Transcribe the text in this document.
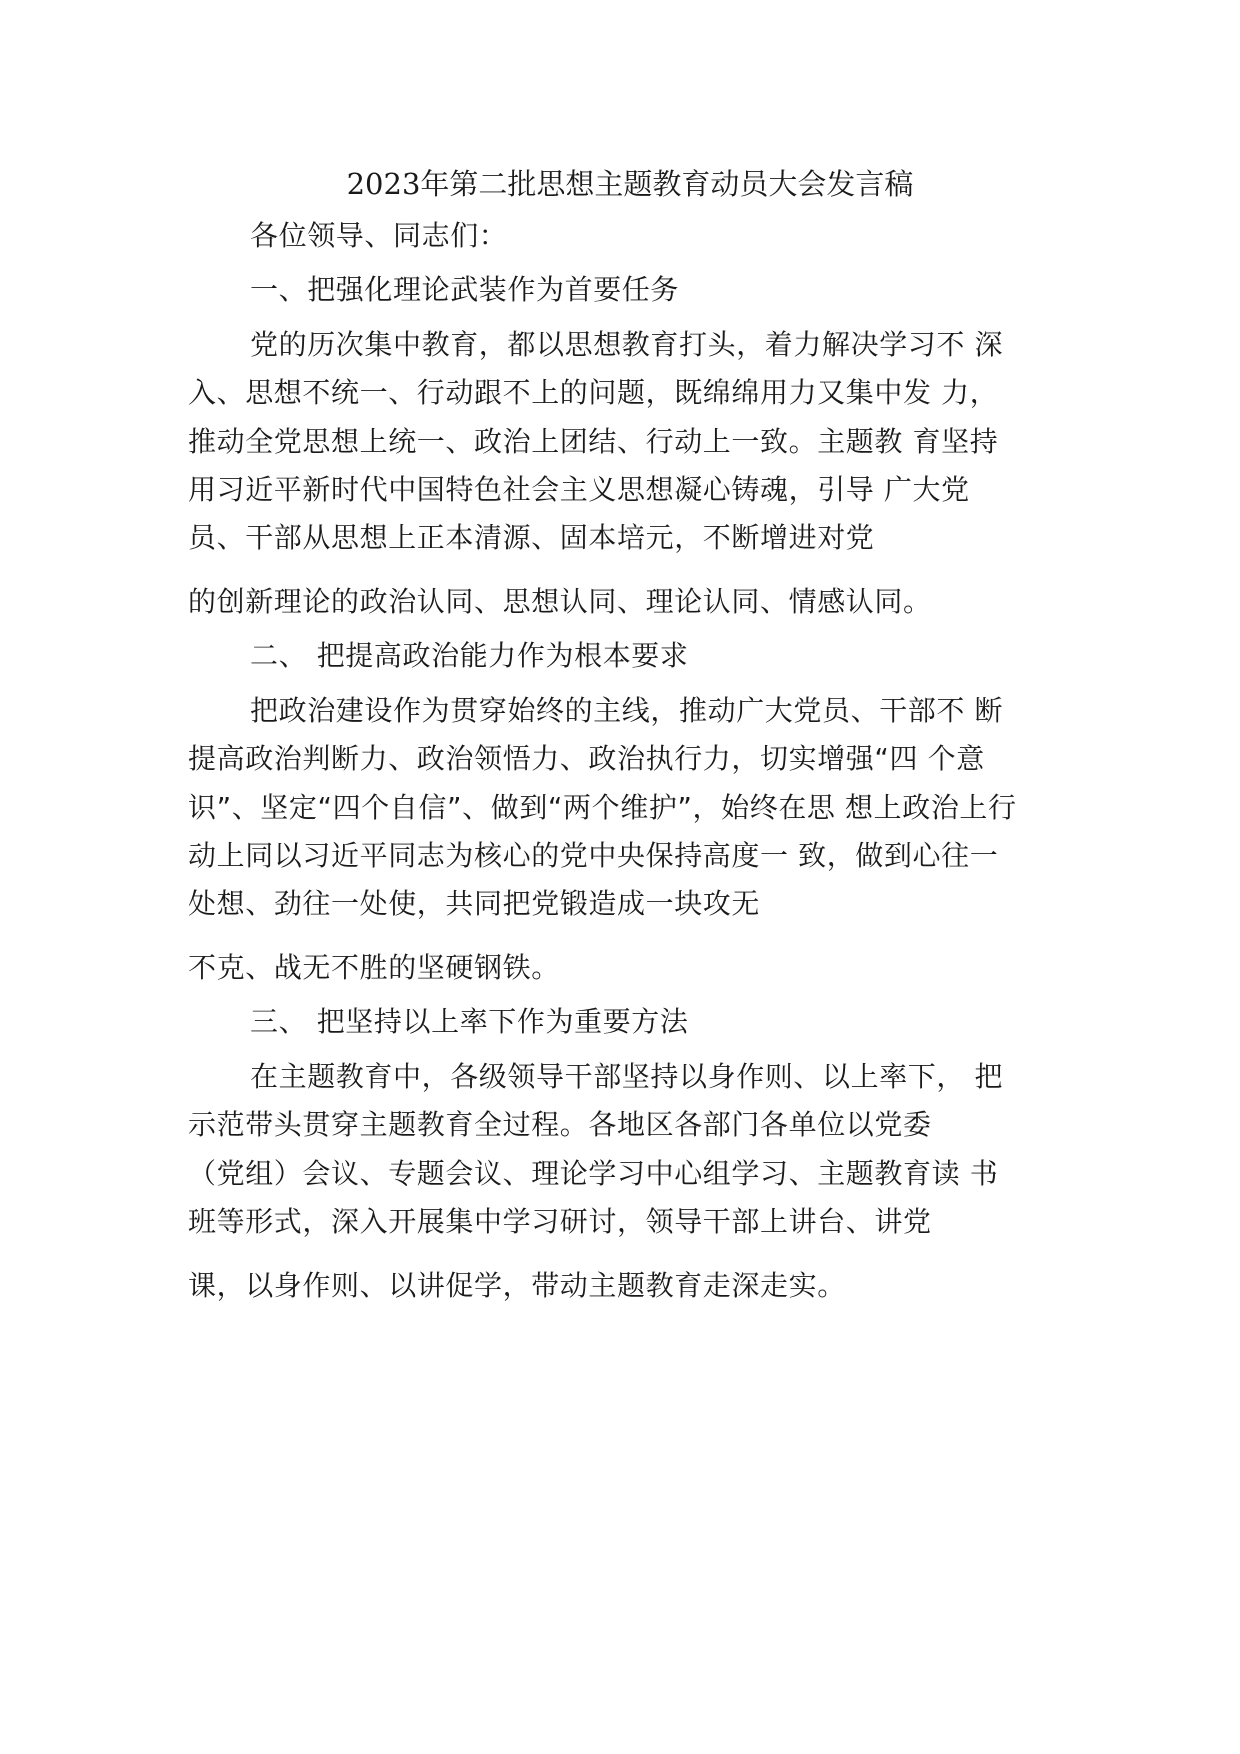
2023年第二批思想主题教育动员大会发言稿
各位领导、同志们：
一、把强化理论武装作为首要任务
党的历次集中教育，都以思想教育打头，着力解决学习不 深
入、思想不统一、行动跟不上的问题，既绵绵用力又集中发 力，
推动全党思想上统一、政治上团结、行动上一致。主题教 育坚持
用习近平新时代中国特色社会主义思想凝心铸魂，引导 广大党
员、干部从思想上正本清源、固本培元，不断增进对党
的创新理论的政治认同、思想认同、理论认同、情感认同。
二、 把提高政治能力作为根本要求
把政治建设作为贯穿始终的主线，推动广大党员、干部不 断
提高政治判断力、政治领悟力、政治执行力，切实增强“四 个意
识”、坚定“四个自信”、做到“两个维护”，始终在思 想上政治上行
动上同以习近平同志为核心的党中央保持高度一 致，做到心往一
处想、劲往一处使，共同把党锻造成一块攻无
不克、战无不胜的坚硬钢铁。
三、 把坚持以上率下作为重要方法
在主题教育中，各级领导干部坚持以身作则、以上率下， 把
示范带头贯穿主题教育全过程。各地区各部门各单位以党委
（党组）会议、专题会议、理论学习中心组学习、主题教育读 书
班等形式，深入开展集中学习研讨，领导干部上讲台、讲党
课，以身作则、以讲促学，带动主题教育走深走实。
